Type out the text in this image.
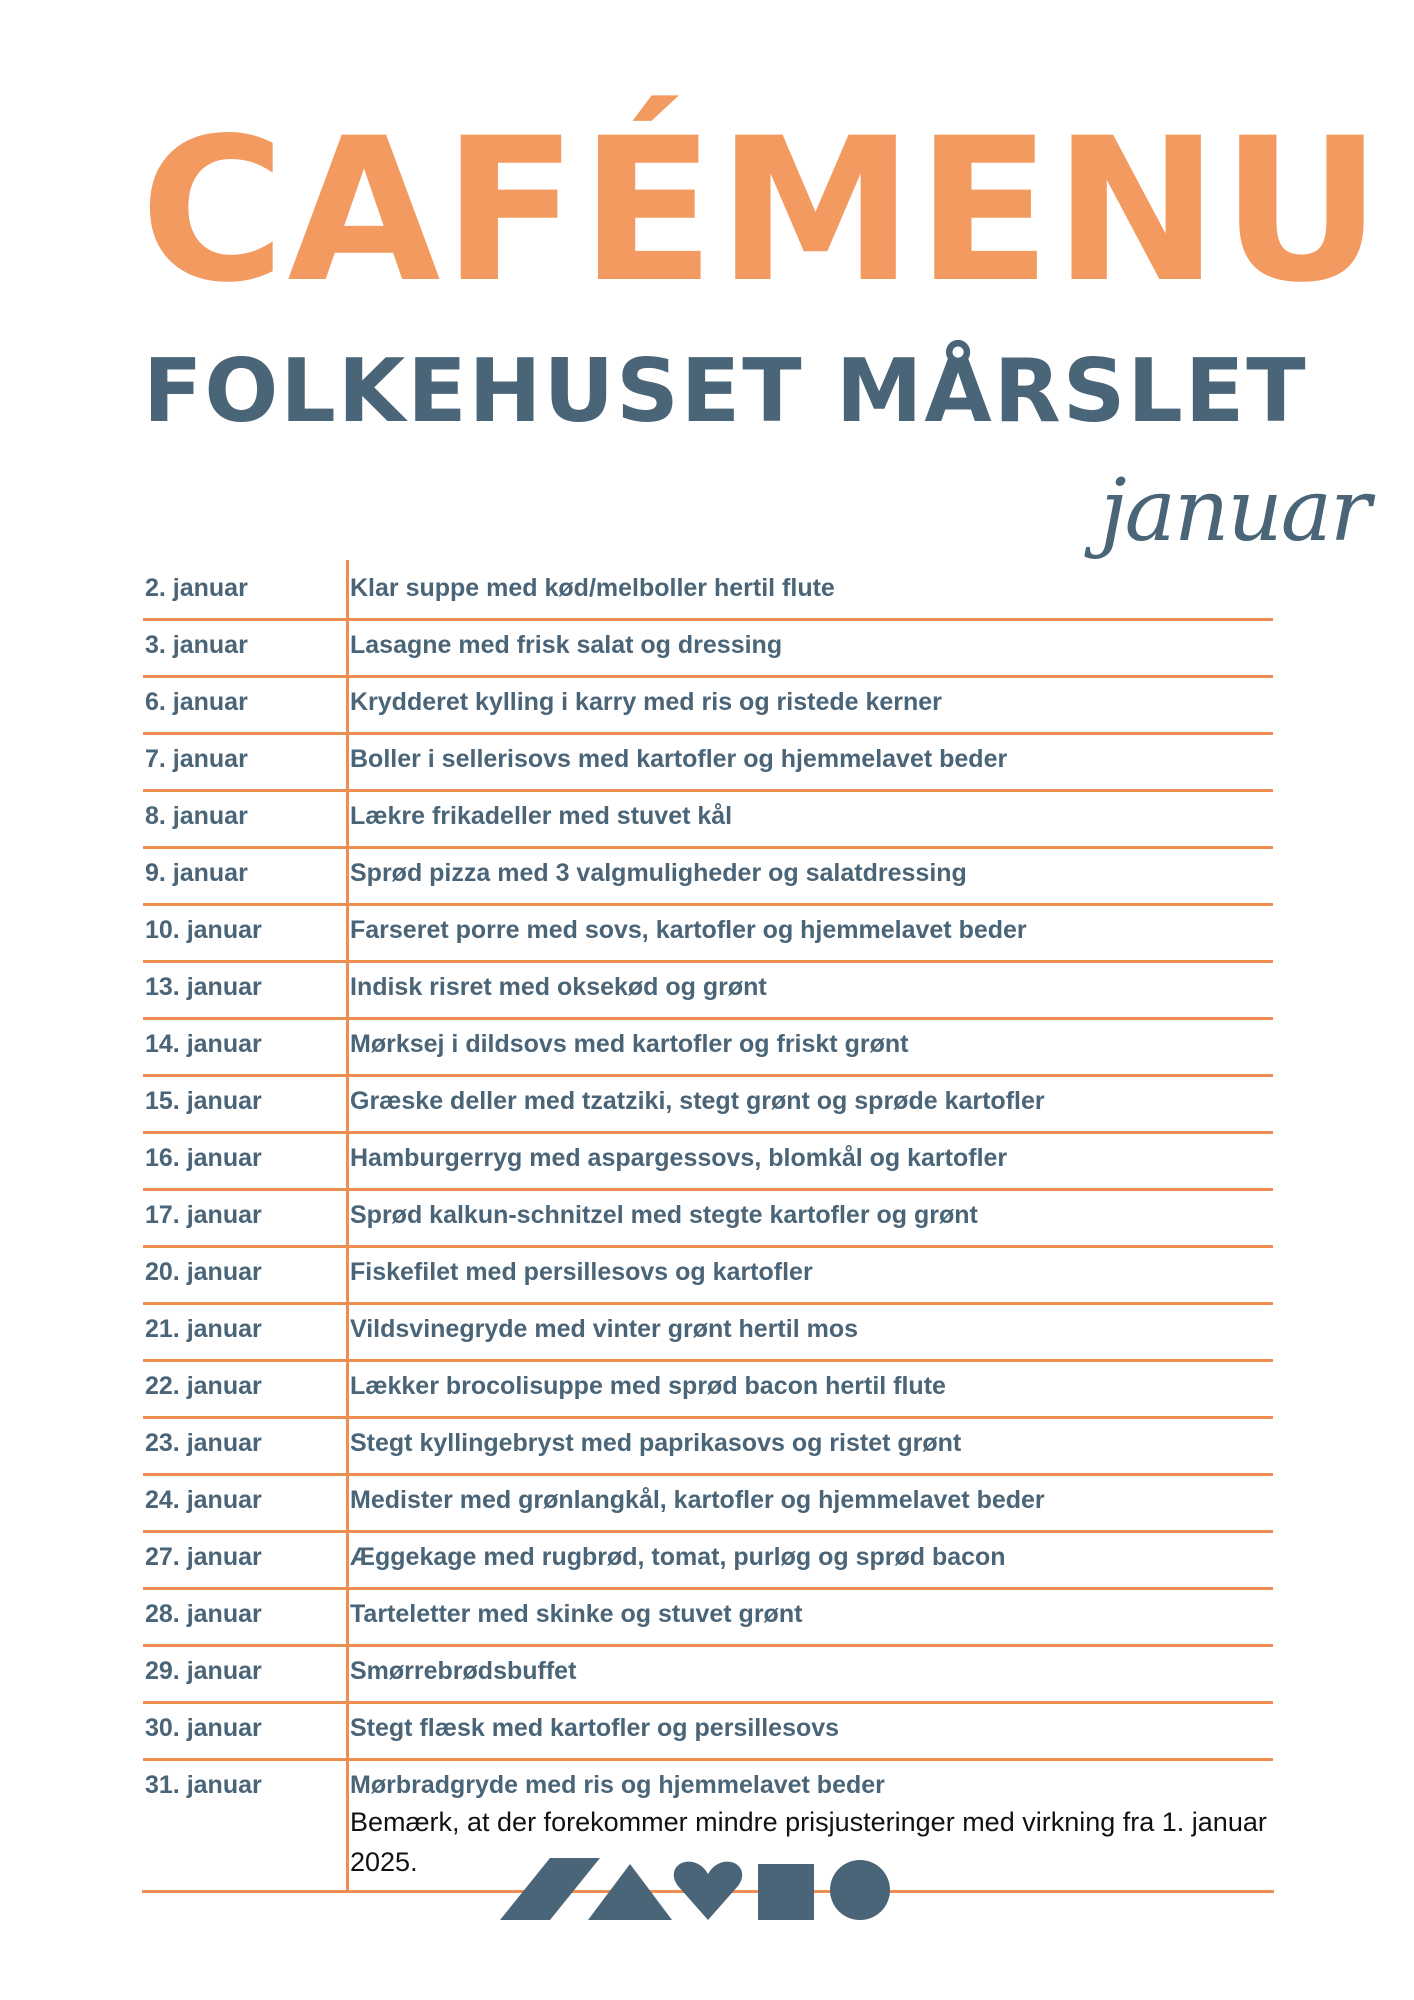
CAFÉMENU
FOLKEHUSET MÅRSLET
januar
2. januar	Klar suppe med kød/melboller hertil flute
3. januar	Lasagne med frisk salat og dressing
6. januar	Krydderet kylling i karry med ris og ristede kerner
7. januar	Boller i sellerisovs med kartofler og hjemmelavet beder
8. januar	Lækre frikadeller med stuvet kål
9. januar	Sprød pizza med 3 valgmuligheder og salatdressing
10. januar	Farseret porre med sovs, kartofler og hjemmelavet beder
13. januar	Indisk risret med oksekød og grønt
14. januar	Mørksej i dildsovs med kartofler og friskt grønt
15. januar	Græske deller med tzatziki, stegt grønt og sprøde kartofler
16. januar	Hamburgerryg med aspargessovs, blomkål og kartofler
17. januar	Sprød kalkun-schnitzel med stegte kartofler og grønt
20. januar	Fiskefilet med persillesovs og kartofler
21. januar	Vildsvinegryde med vinter grønt hertil mos
22. januar	Lækker brocolisuppe med sprød bacon hertil flute
23. januar	Stegt kyllingebryst med paprikasovs og ristet grønt
24. januar	Medister med grønlangkål, kartofler og hjemmelavet beder
27. januar	Æggekage med rugbrød, tomat, purløg og sprød bacon
28. januar	Tarteletter med skinke og stuvet grønt
29. januar	Smørrebrødsbuffet
30. januar	Stegt flæsk med kartofler og persillesovs
31. januar	Mørbradgryde med ris og hjemmelavet beder
Bemærk, at der forekommer mindre prisjusteringer med virkning fra 1. januar 2025.
